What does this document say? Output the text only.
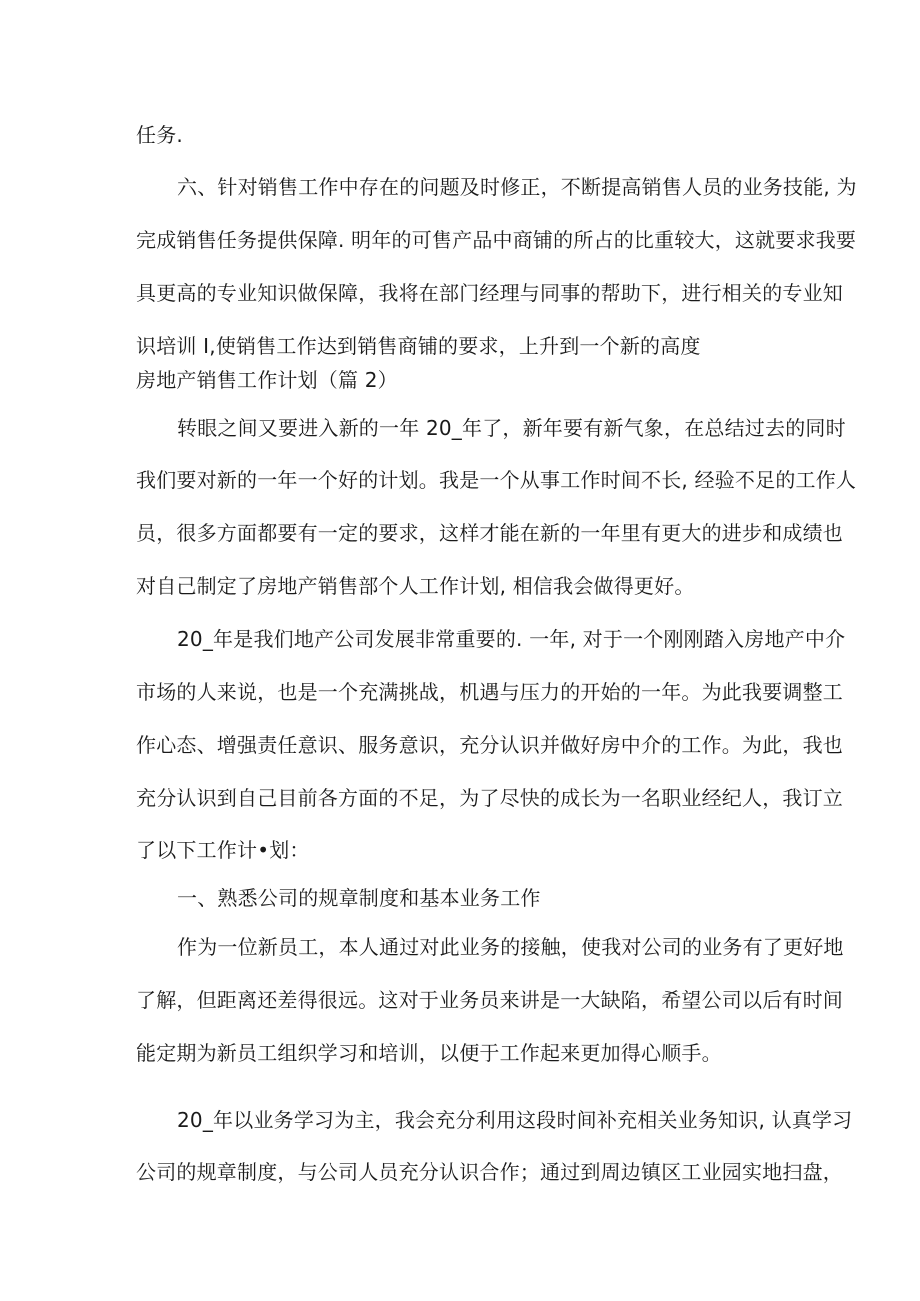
任务.
六、针对销售工作中存在的问题及时修正，不断提高销售人员的业务技能, 为
完成销售任务提供保障. 明年的可售产品中商铺的所占的比重较大，这就要求我要
具更高的专业知识做保障，我将在部门经理与同事的帮助下，进行相关的专业知
识培训 I,使销售工作达到销售商铺的要求，上升到一个新的高度
房地产销售工作计划（篇 2）
转眼之间又要进入新的一年 20_年了，新年要有新气象，在总结过去的同时
我们要对新的一年一个好的计划。我是一个从事工作时间不长, 经验不足的工作人
员，很多方面都要有一定的要求，这样才能在新的一年里有更大的进步和成绩也
对自己制定了房地产销售部个人工作计划, 相信我会做得更好。
20_年是我们地产公司发展非常重要的. 一年, 对于一个刚刚踏入房地产中介
市场的人来说，也是一个充满挑战，机遇与压力的开始的一年。为此我要调整工
作心态、增强责任意识、服务意识，充分认识并做好房中介的工作。为此，我也
充分认识到自己目前各方面的不足，为了尽快的成长为一名职业经纪人，我订立
了以下工作计•划：
一、熟悉公司的规章制度和基本业务工作
作为一位新员工，本人通过对此业务的接触，使我对公司的业务有了更好地
了解，但距离还差得很远。这对于业务员来讲是一大缺陷，希望公司以后有时间
能定期为新员工组织学习和培训，以便于工作起来更加得心顺手。
20_年以业务学习为主，我会充分利用这段时间补充相关业务知识, 认真学习
公司的规章制度，与公司人员充分认识合作；通过到周边镇区工业园实地扫盘，
